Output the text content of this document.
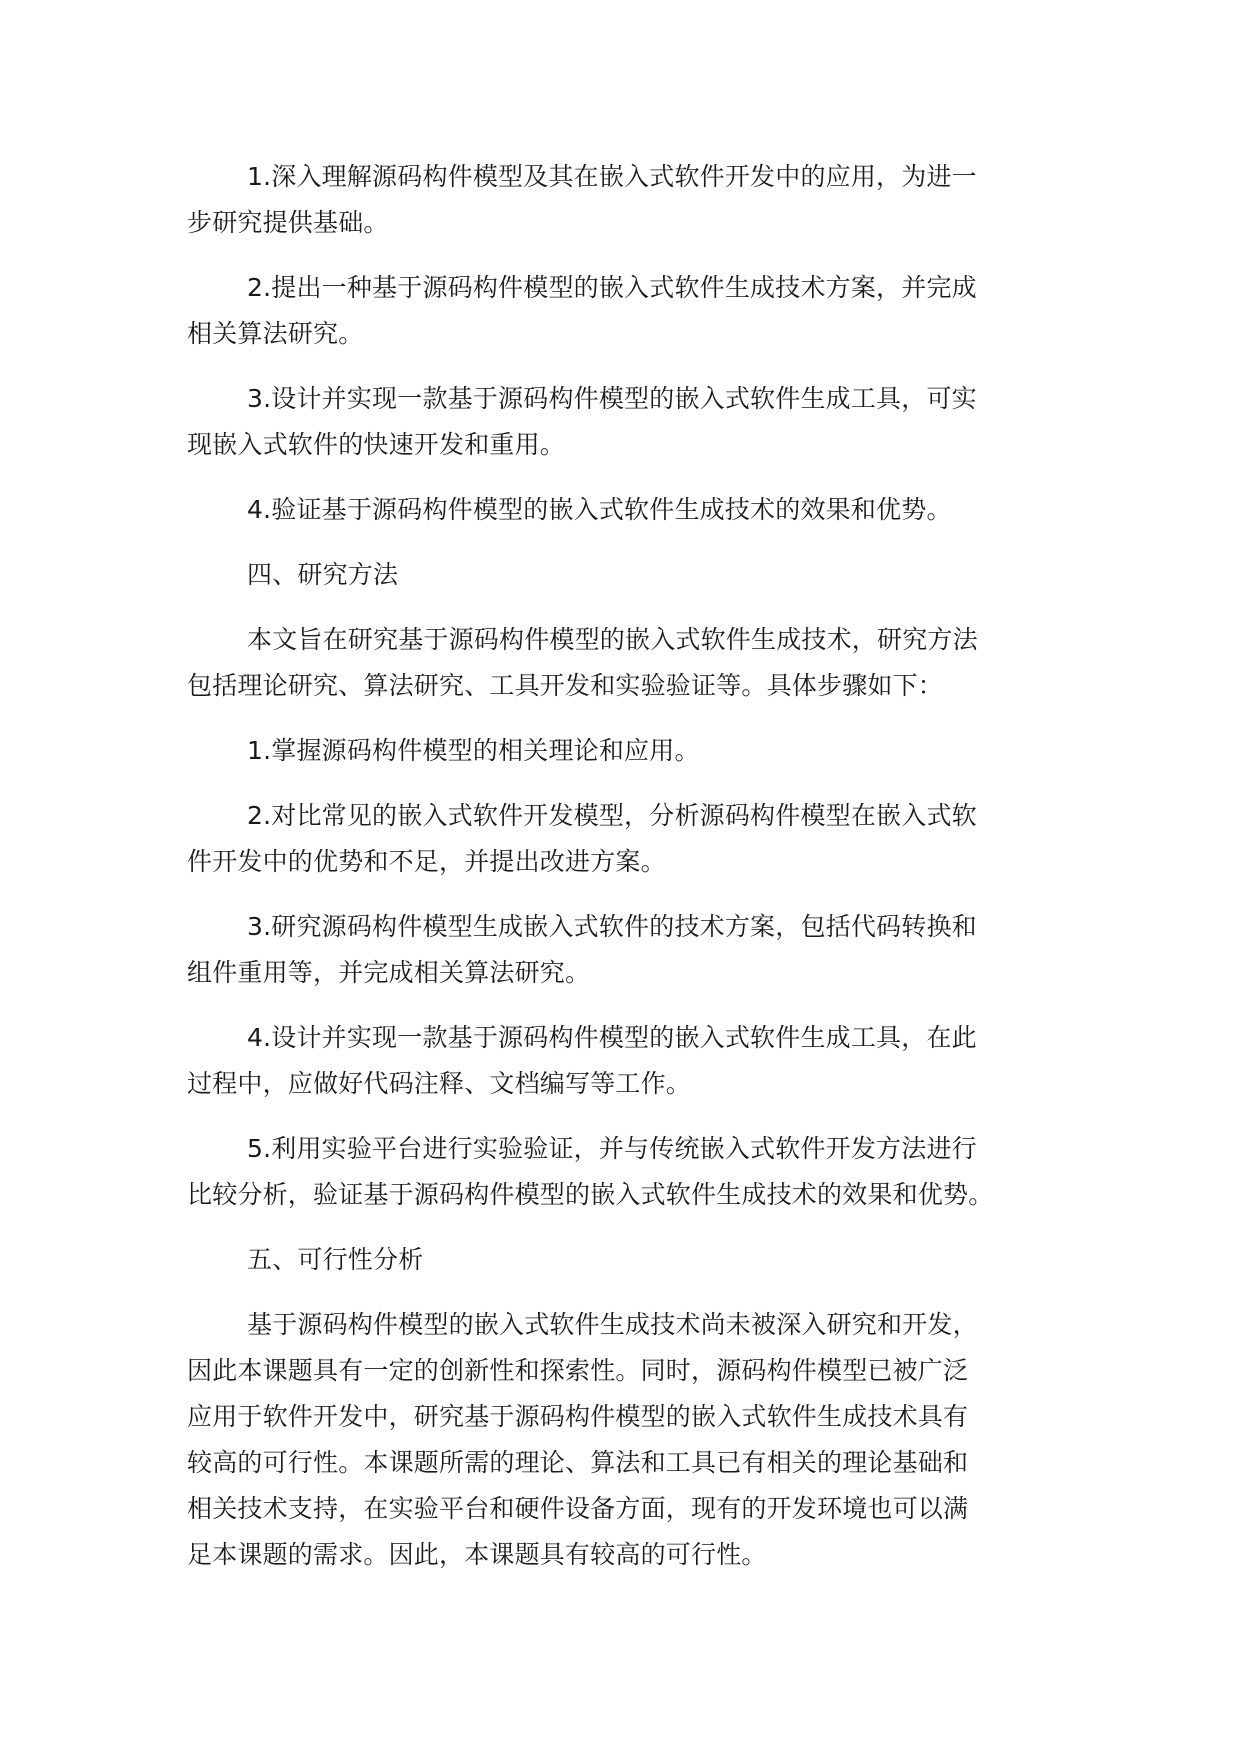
1.深入理解源码构件模型及其在嵌入式软件开发中的应用，为进一
步研究提供基础。

2.提出一种基于源码构件模型的嵌入式软件生成技术方案，并完成
相关算法研究。

3.设计并实现一款基于源码构件模型的嵌入式软件生成工具，可实
现嵌入式软件的快速开发和重用。

4.验证基于源码构件模型的嵌入式软件生成技术的效果和优势。

四、研究方法

本文旨在研究基于源码构件模型的嵌入式软件生成技术，研究方法
包括理论研究、算法研究、工具开发和实验验证等。具体步骤如下：

1.掌握源码构件模型的相关理论和应用。

2.对比常见的嵌入式软件开发模型，分析源码构件模型在嵌入式软
件开发中的优势和不足，并提出改进方案。

3.研究源码构件模型生成嵌入式软件的技术方案，包括代码转换和
组件重用等，并完成相关算法研究。

4.设计并实现一款基于源码构件模型的嵌入式软件生成工具，在此
过程中，应做好代码注释、文档编写等工作。

5.利用实验平台进行实验验证，并与传统嵌入式软件开发方法进行
比较分析，验证基于源码构件模型的嵌入式软件生成技术的效果和优势。

五、可行性分析

基于源码构件模型的嵌入式软件生成技术尚未被深入研究和开发，
因此本课题具有一定的创新性和探索性。同时，源码构件模型已被广泛
应用于软件开发中，研究基于源码构件模型的嵌入式软件生成技术具有
较高的可行性。本课题所需的理论、算法和工具已有相关的理论基础和
相关技术支持，在实验平台和硬件设备方面，现有的开发环境也可以满
足本课题的需求。因此，本课题具有较高的可行性。
